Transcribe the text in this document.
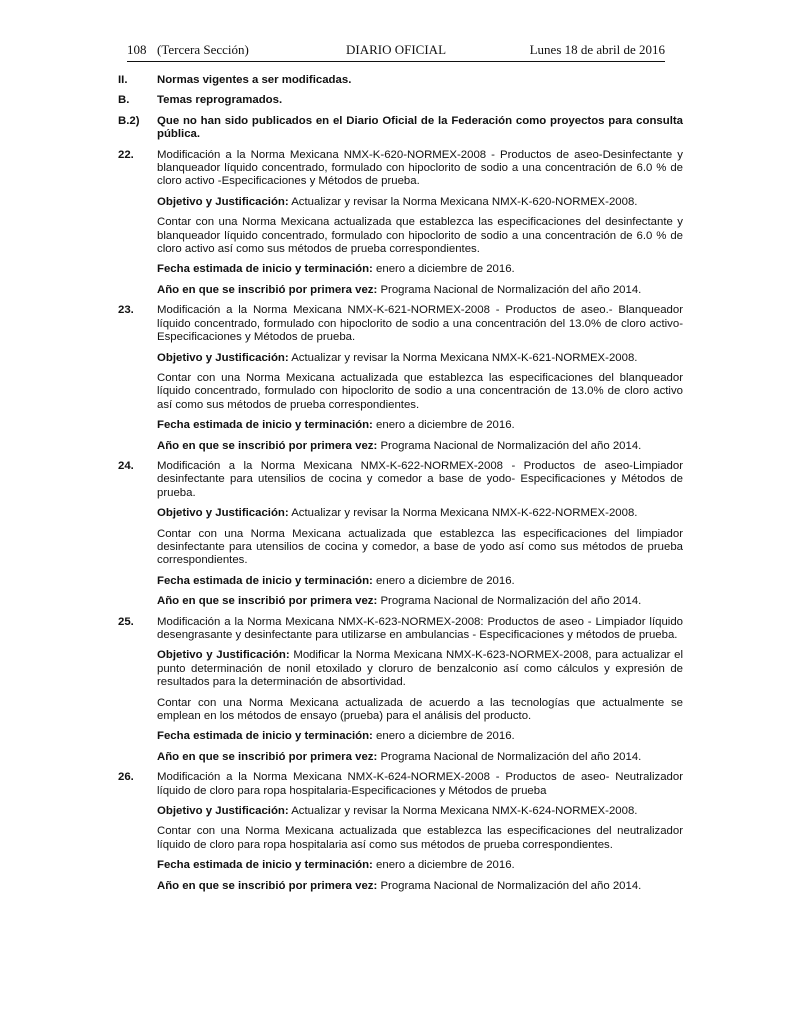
108 (Tercera Sección)	DIARIO OFICIAL	Lunes 18 de abril de 2016
II.	Normas vigentes a ser modificadas.
B.	Temas reprogramados.
B.2)	Que no han sido publicados en el Diario Oficial de la Federación como proyectos para consulta pública.
22.	Modificación a la Norma Mexicana NMX-K-620-NORMEX-2008 - Productos de aseo-Desinfectante y blanqueador líquido concentrado, formulado con hipoclorito de sodio a una concentración de 6.0 % de cloro activo -Especificaciones y Métodos de prueba.
Objetivo y Justificación: Actualizar y revisar la Norma Mexicana NMX-K-620-NORMEX-2008.
Contar con una Norma Mexicana actualizada que establezca las especificaciones del desinfectante y blanqueador líquido concentrado, formulado con hipoclorito de sodio a una concentración de 6.0 % de cloro activo así como sus métodos de prueba correspondientes.
Fecha estimada de inicio y terminación: enero a diciembre de 2016.
Año en que se inscribió por primera vez: Programa Nacional de Normalización del año 2014.
23.	Modificación a la Norma Mexicana NMX-K-621-NORMEX-2008 - Productos de aseo.- Blanqueador líquido concentrado, formulado con hipoclorito de sodio a una concentración del 13.0% de cloro activo-Especificaciones y Métodos de prueba.
Objetivo y Justificación: Actualizar y revisar la Norma Mexicana NMX-K-621-NORMEX-2008.
Contar con una Norma Mexicana actualizada que establezca las especificaciones del blanqueador líquido concentrado, formulado con hipoclorito de sodio a una concentración de 13.0% de cloro activo así como sus métodos de prueba correspondientes.
Fecha estimada de inicio y terminación: enero a diciembre de 2016.
Año en que se inscribió por primera vez: Programa Nacional de Normalización del año 2014.
24.	Modificación a la Norma Mexicana NMX-K-622-NORMEX-2008 - Productos de aseo-Limpiador desinfectante para utensilios de cocina y comedor a base de yodo- Especificaciones y Métodos de prueba.
Objetivo y Justificación: Actualizar y revisar la Norma Mexicana NMX-K-622-NORMEX-2008.
Contar con una Norma Mexicana actualizada que establezca las especificaciones del limpiador desinfectante para utensilios de cocina y comedor, a base de yodo así como sus métodos de prueba correspondientes.
Fecha estimada de inicio y terminación: enero a diciembre de 2016.
Año en que se inscribió por primera vez: Programa Nacional de Normalización del año 2014.
25.	Modificación a la Norma Mexicana NMX-K-623-NORMEX-2008: Productos de aseo - Limpiador líquido desengrasante y desinfectante para utilizarse en ambulancias - Especificaciones y métodos de prueba.
Objetivo y Justificación: Modificar la Norma Mexicana NMX-K-623-NORMEX-2008, para actualizar el punto determinación de nonil etoxilado y cloruro de benzalconio así como cálculos y expresión de resultados para la determinación de absortividad.
Contar con una Norma Mexicana actualizada de acuerdo a las tecnologías que actualmente se emplean en los métodos de ensayo (prueba) para el análisis del producto.
Fecha estimada de inicio y terminación: enero a diciembre de 2016.
Año en que se inscribió por primera vez: Programa Nacional de Normalización del año 2014.
26.	Modificación a la Norma Mexicana NMX-K-624-NORMEX-2008 - Productos de aseo- Neutralizador líquido de cloro para ropa hospitalaria-Especificaciones y Métodos de prueba
Objetivo y Justificación: Actualizar y revisar la Norma Mexicana NMX-K-624-NORMEX-2008.
Contar con una Norma Mexicana actualizada que establezca las especificaciones del neutralizador líquido de cloro para ropa hospitalaria así como sus métodos de prueba correspondientes.
Fecha estimada de inicio y terminación: enero a diciembre de 2016.
Año en que se inscribió por primera vez: Programa Nacional de Normalización del año 2014.
